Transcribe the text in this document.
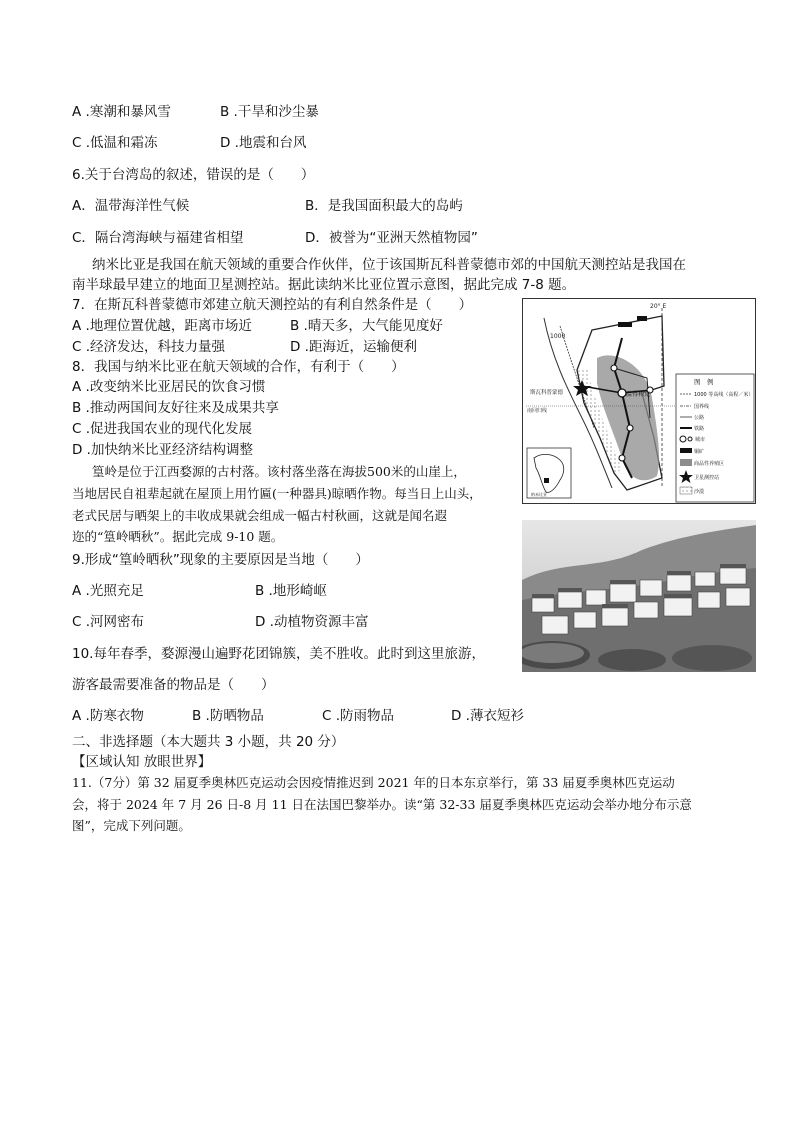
A .寒潮和暴风雪	B .干旱和沙尘暴
C .低温和霜冻	D .地震和台风
6.关于台湾岛的叙述，错误的是（　　）
A．温带海洋性气候	B．是我国面积最大的岛屿
C．隔台湾海峡与福建省相望	D．被誉为“亚洲天然植物园”
纳米比亚是我国在航天领域的重要合作伙伴，位于该国斯瓦科普蒙德市郊的中国航天测控站是我国在
南半球最早建立的地面卫星测控站。据此读纳米比亚位置示意图，据此完成 7-8 题。
7．在斯瓦科普蒙德市郊建立航天测控站的有利自然条件是（　　）
A .地理位置优越，距离市场近	B .晴天多，大气能见度好
C .经济发达，科技力量强	D .距海近，运输便利
8．我国与纳米比亚在航天领域的合作，有利于（　　）
A .改变纳米比亚居民的饮食习惯
B .推动两国间友好往来及成果共享
C .促进我国农业的现代化发展
D .加快纳米比亚经济结构调整
1000
20° E
南回归线
斯瓦科普蒙德	温得和克
纳米比亚
图　例
1000 等高线（高程／米）
国界线
公路
铁路
城市
铜矿
商品性养殖区
卫星测控站
沙漠
篁岭是位于江西婺源的古村落。该村落坐落在海拔500米的山崖上，
当地居民自祖辈起就在屋顶上用竹匾(一种器具)晾晒作物。每当日上山头，
老式民居与晒架上的丰收成果就会组成一幅古村秋画，这就是闻名遐
迩的“篁岭晒秋”。据此完成 9-10 题。
9.形成“篁岭晒秋”现象的主要原因是当地（　　）
A .光照充足	B .地形崎岖
C .河网密布	D .动植物资源丰富
10.每年春季，婺源漫山遍野花团锦簇，美不胜收。此时到这里旅游，
游客最需要准备的物品是（　　）
A .防寒衣物	B .防晒物品	C .防雨物品	D .薄衣短衫
二、非选择题（本大题共 3 小题，共 20 分）
【区域认知 放眼世界】
11.（7分）第 32 届夏季奥林匹克运动会因疫情推迟到 2021 年的日本东京举行，第 33 届夏季奥林匹克运动
会，将于 2024 年 7 月 26 日-8 月 11 日在法国巴黎举办。读“第 32-33 届夏季奥林匹克运动会举办地分布示意
图”，完成下列问题。
